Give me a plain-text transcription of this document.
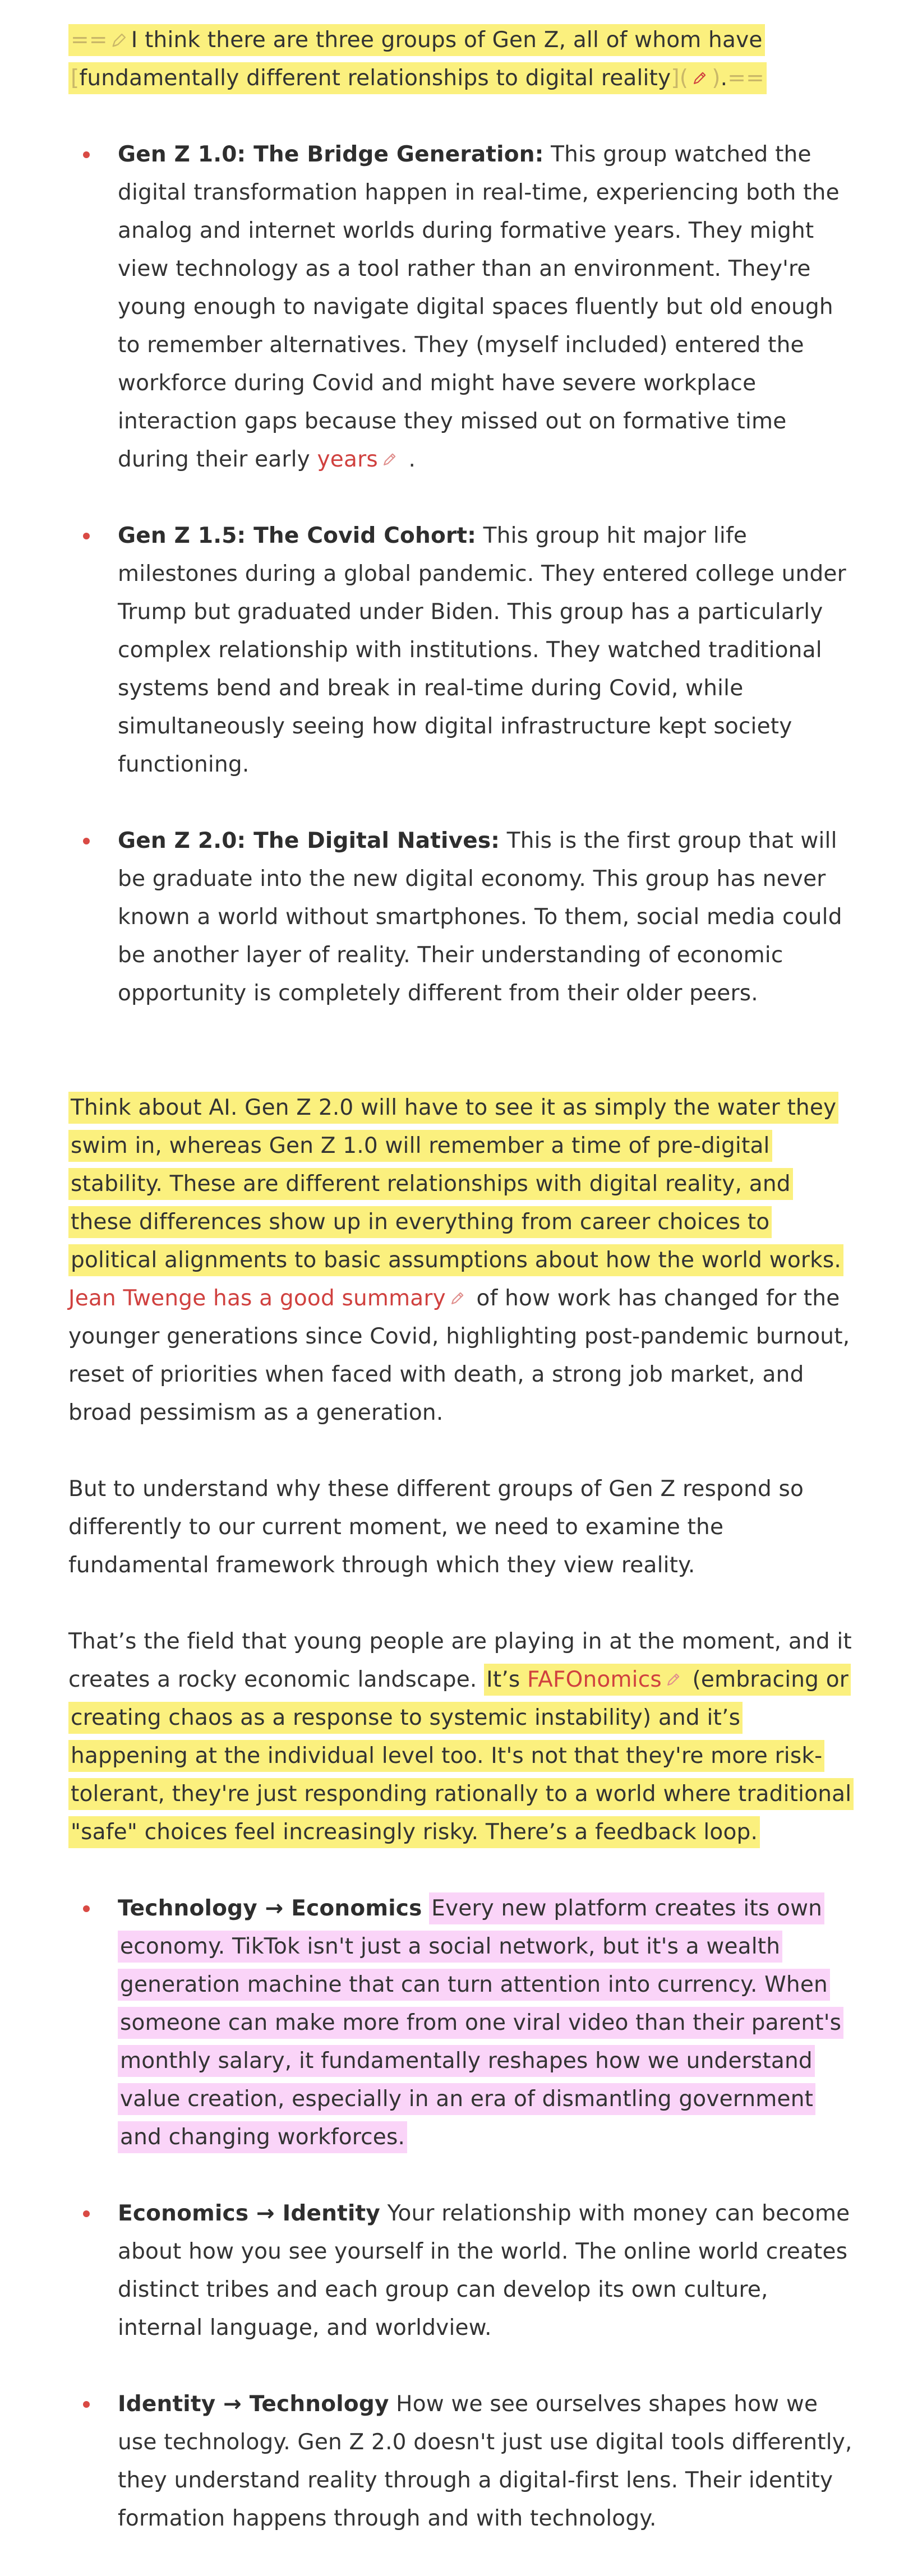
== I think there are three groups of Gen Z, all of whom have [fundamentally different relationships to digital reality]( ).==

Gen Z 1.0: The Bridge Generation: This group watched the digital transformation happen in real-time, experiencing both the analog and internet worlds during formative years. They might view technology as a tool rather than an environment. They're young enough to navigate digital spaces fluently but old enough to remember alternatives. They (myself included) entered the workforce during Covid and might have severe workplace interaction gaps because they missed out on formative time during their early years .
Gen Z 1.5: The Covid Cohort: This group hit major life milestones during a global pandemic. They entered college under Trump but graduated under Biden. This group has a particularly complex relationship with institutions. They watched traditional systems bend and break in real-time during Covid, while simultaneously seeing how digital infrastructure kept society functioning.
Gen Z 2.0: The Digital Natives: This is the first group that will be graduate into the new digital economy. This group has never known a world without smartphones. To them, social media could be another layer of reality. Their understanding of economic opportunity is completely different from their older peers.

Think about AI. Gen Z 2.0 will have to see it as simply the water they swim in, whereas Gen Z 1.0 will remember a time of pre-digital stability. These are different relationships with digital reality, and these differences show up in everything from career choices to political alignments to basic assumptions about how the world works. Jean Twenge has a good summary of how work has changed for the younger generations since Covid, highlighting post-pandemic burnout, reset of priorities when faced with death, a strong job market, and broad pessimism as a generation.

But to understand why these different groups of Gen Z respond so differently to our current moment, we need to examine the fundamental framework through which they view reality.

That’s the field that young people are playing in at the moment, and it creates a rocky economic landscape. It’s FAFOnomics (embracing or creating chaos as a response to systemic instability) and it’s happening at the individual level too. It's not that they're more risk-tolerant, they're just responding rationally to a world where traditional "safe" choices feel increasingly risky. There’s a feedback loop.

Technology → Economics Every new platform creates its own economy. TikTok isn't just a social network, but it's a wealth generation machine that can turn attention into currency. When someone can make more from one viral video than their parent's monthly salary, it fundamentally reshapes how we understand value creation, especially in an era of dismantling government and changing workforces.
Economics → Identity Your relationship with money can become about how you see yourself in the world. The online world creates distinct tribes and each group can develop its own culture, internal language, and worldview.
Identity → Technology How we see ourselves shapes how we use technology. Gen Z 2.0 doesn't just use digital tools differently, they understand reality through a digital-first lens. Their identity formation happens through and with technology.
